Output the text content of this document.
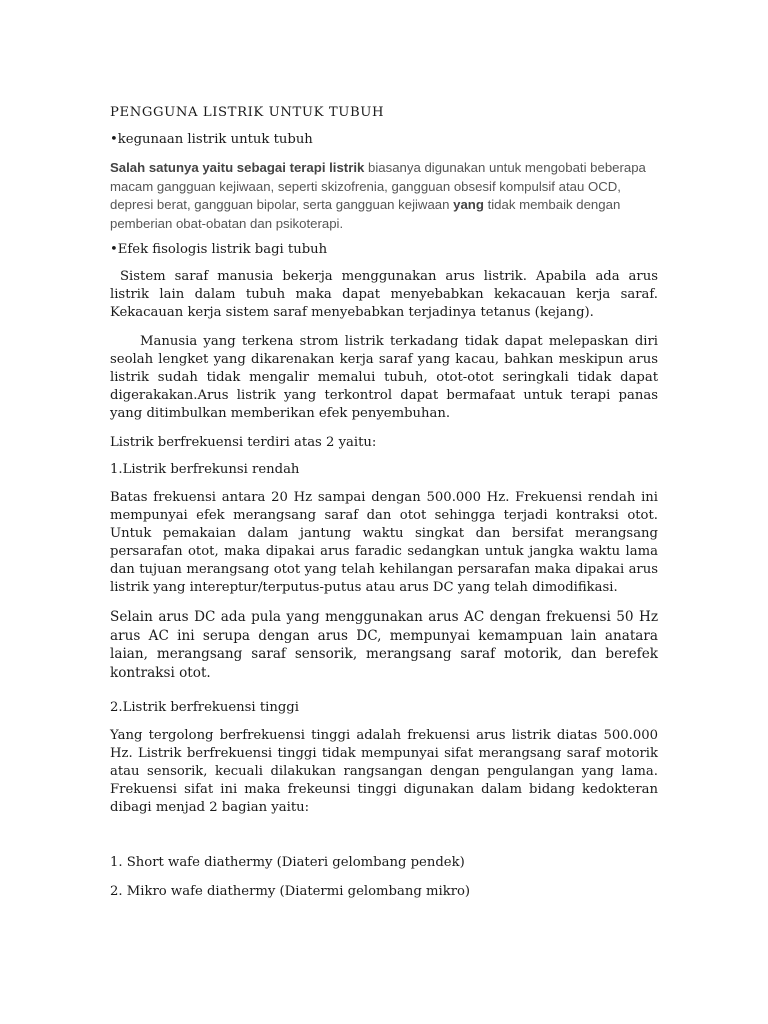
PENGGUNA LISTRIK UNTUK TUBUH

•kegunaan listrik untuk tubuh

Salah satunya yaitu sebagai terapi listrik biasanya digunakan untuk mengobati beberapa macam gangguan kejiwaan, seperti skizofrenia, gangguan obsesif kompulsif atau OCD, depresi berat, gangguan bipolar, serta gangguan kejiwaan yang tidak membaik dengan pemberian obat-obatan dan psikoterapi.

•Efek fisologis listrik bagi tubuh

Sistem saraf manusia bekerja menggunakan arus listrik. Apabila ada arus listrik lain dalam tubuh maka dapat menyebabkan kekacauan kerja saraf. Kekacauan kerja sistem saraf menyebabkan terjadinya tetanus (kejang).

Manusia yang terkena strom listrik terkadang tidak dapat melepaskan diri seolah lengket yang dikarenakan kerja saraf yang kacau, bahkan meskipun arus listrik sudah tidak mengalir memalui tubuh, otot-otot seringkali tidak dapat digerakakan.Arus listrik yang terkontrol dapat bermafaat untuk terapi panas yang ditimbulkan memberikan efek penyembuhan.

Listrik berfrekuensi terdiri atas 2 yaitu:

1.Listrik berfrekunsi rendah

Batas frekuensi antara 20 Hz sampai dengan 500.000 Hz. Frekuensi rendah ini mempunyai efek merangsang saraf dan otot sehingga terjadi kontraksi otot. Untuk pemakaian dalam jantung waktu singkat dan bersifat merangsang persarafan otot, maka dipakai arus faradic sedangkan untuk jangka waktu lama dan tujuan merangsang otot yang telah kehilangan persarafan maka dipakai arus listrik yang intereptur/terputus-putus atau arus DC yang telah dimodifikasi.

Selain arus DC ada pula yang menggunakan arus AC dengan frekuensi 50 Hz arus AC ini serupa dengan arus DC, mempunyai kemampuan lain anatara laian, merangsang saraf sensorik, merangsang saraf motorik, dan berefek kontraksi otot.

2.Listrik berfrekuensi tinggi

Yang tergolong berfrekuensi tinggi adalah frekuensi arus listrik diatas 500.000 Hz. Listrik berfrekuensi tinggi tidak mempunyai sifat merangsang saraf motorik atau sensorik, kecuali dilakukan rangsangan dengan pengulangan yang lama. Frekuensi sifat ini maka frekeunsi tinggi digunakan dalam bidang kedokteran dibagi menjad 2 bagian yaitu:

1. Short wafe diathermy (Diateri gelombang pendek)

2. Mikro wafe diathermy (Diatermi gelombang mikro)
